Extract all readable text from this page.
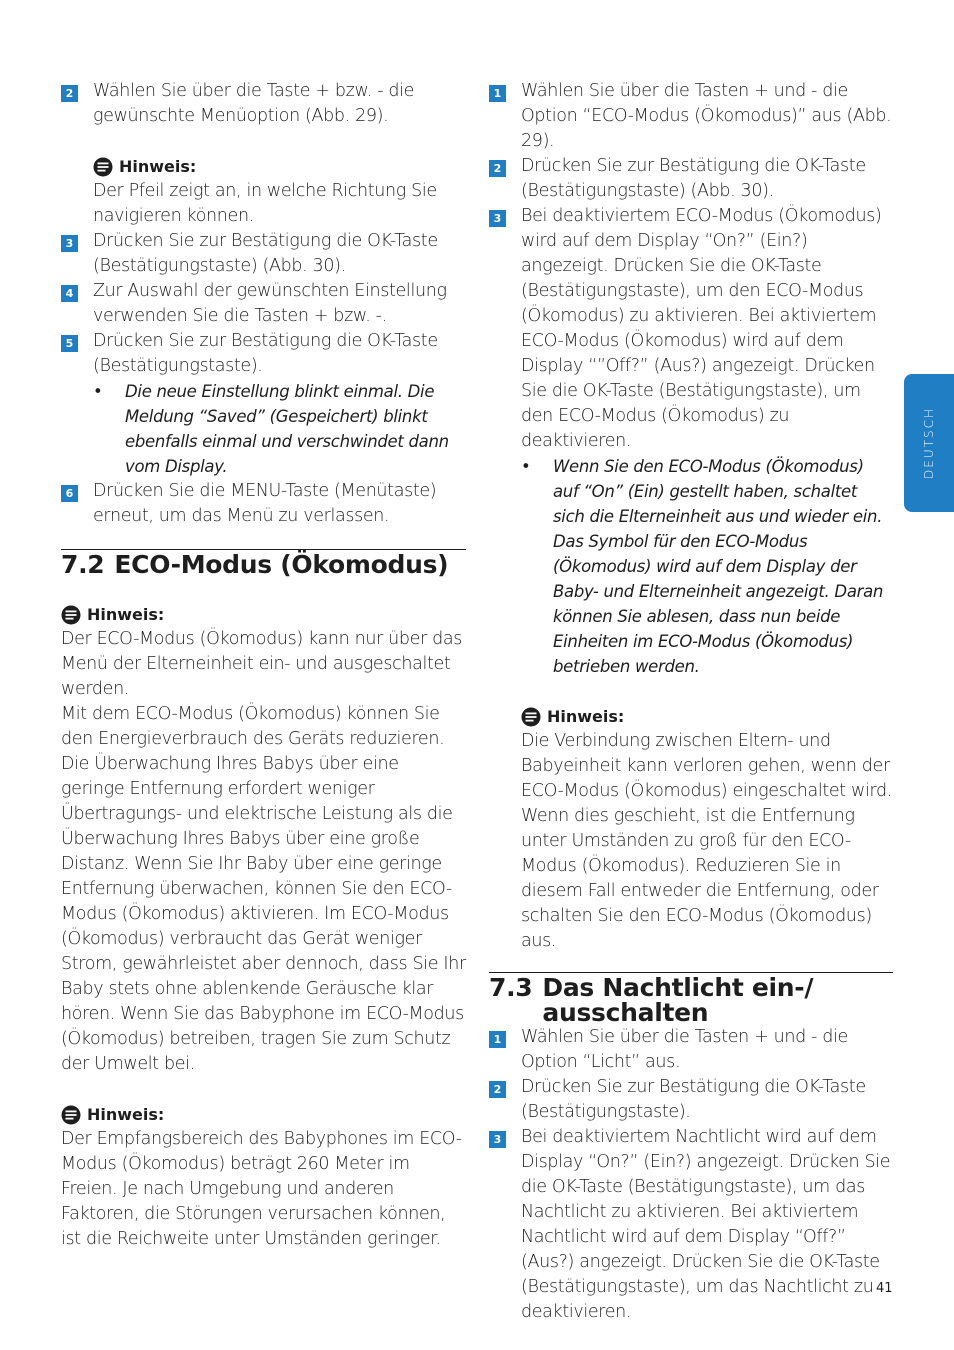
2 Wählen Sie über die Taste + bzw. - die gewünschte Menüoption (Abb. 29).
Hinweis:
Der Pfeil zeigt an, in welche Richtung Sie navigieren können.
3 Drücken Sie zur Bestätigung die OK-Taste (Bestätigungstaste) (Abb. 30).
4 Zur Auswahl der gewünschten Einstellung verwenden Sie die Tasten + bzw. -.
5 Drücken Sie zur Bestätigung die OK-Taste (Bestätigungstaste).
• Die neue Einstellung blinkt einmal. Die Meldung “Saved” (Gespeichert) blinkt ebenfalls einmal und verschwindet dann vom Display.
6 Drücken Sie die MENU-Taste (Menütaste) erneut, um das Menü zu verlassen.
7.2 ECO-Modus (Ökomodus)
Hinweis:
Der ECO-Modus (Ökomodus) kann nur über das Menü der Elterneinheit ein- und ausgeschaltet werden.
Mit dem ECO-Modus (Ökomodus) können Sie den Energieverbrauch des Geräts reduzieren.
Die Überwachung Ihres Babys über eine geringe Entfernung erfordert weniger Übertragungs- und elektrische Leistung als die Überwachung Ihres Babys über eine große Distanz. Wenn Sie Ihr Baby über eine geringe Entfernung überwachen, können Sie den ECO-Modus (Ökomodus) aktivieren. Im ECO-Modus (Ökomodus) verbraucht das Gerät weniger Strom, gewährleistet aber dennoch, dass Sie Ihr Baby stets ohne ablenkende Geräusche klar hören. Wenn Sie das Babyphone im ECO-Modus (Ökomodus) betreiben, tragen Sie zum Schutz der Umwelt bei.
Hinweis:
Der Empfangsbereich des Babyphones im ECO-Modus (Ökomodus) beträgt 260 Meter im Freien. Je nach Umgebung und anderen Faktoren, die Störungen verursachen können, ist die Reichweite unter Umständen geringer.
1 Wählen Sie über die Tasten + und - die Option “ECO-Modus (Ökomodus)” aus (Abb. 29).
2 Drücken Sie zur Bestätigung die OK-Taste (Bestätigungstaste) (Abb. 30).
3 Bei deaktiviertem ECO-Modus (Ökomodus) wird auf dem Display “On?” (Ein?) angezeigt. Drücken Sie die OK-Taste (Bestätigungstaste), um den ECO-Modus (Ökomodus) zu aktivieren. Bei aktiviertem ECO-Modus (Ökomodus) wird auf dem Display “”Off?” (Aus?) angezeigt. Drücken Sie die OK-Taste (Bestätigungstaste), um den ECO-Modus (Ökomodus) zu deaktivieren.
• Wenn Sie den ECO-Modus (Ökomodus) auf “On” (Ein) gestellt haben, schaltet sich die Elterneinheit aus und wieder ein. Das Symbol für den ECO-Modus (Ökomodus) wird auf dem Display der Baby- und Elterneinheit angezeigt. Daran können Sie ablesen, dass nun beide Einheiten im ECO-Modus (Ökomodus) betrieben werden.
Hinweis:
Die Verbindung zwischen Eltern- und Babyeinheit kann verloren gehen, wenn der ECO-Modus (Ökomodus) eingeschaltet wird. Wenn dies geschieht, ist die Entfernung unter Umständen zu groß für den ECO-Modus (Ökomodus). Reduzieren Sie in diesem Fall entweder die Entfernung, oder schalten Sie den ECO-Modus (Ökomodus) aus.
7.3 Das Nachtlicht ein-/ ausschalten
1 Wählen Sie über die Tasten + und - die Option “Licht” aus.
2 Drücken Sie zur Bestätigung die OK-Taste (Bestätigungstaste).
3 Bei deaktiviertem Nachtlicht wird auf dem Display “On?” (Ein?) angezeigt. Drücken Sie die OK-Taste (Bestätigungstaste), um das Nachtlicht zu aktivieren. Bei aktiviertem Nachtlicht wird auf dem Display “Off?” (Aus?) angezeigt. Drücken Sie die OK-Taste (Bestätigungstaste), um das Nachtlicht zu deaktivieren.
DEUTSCH
41
